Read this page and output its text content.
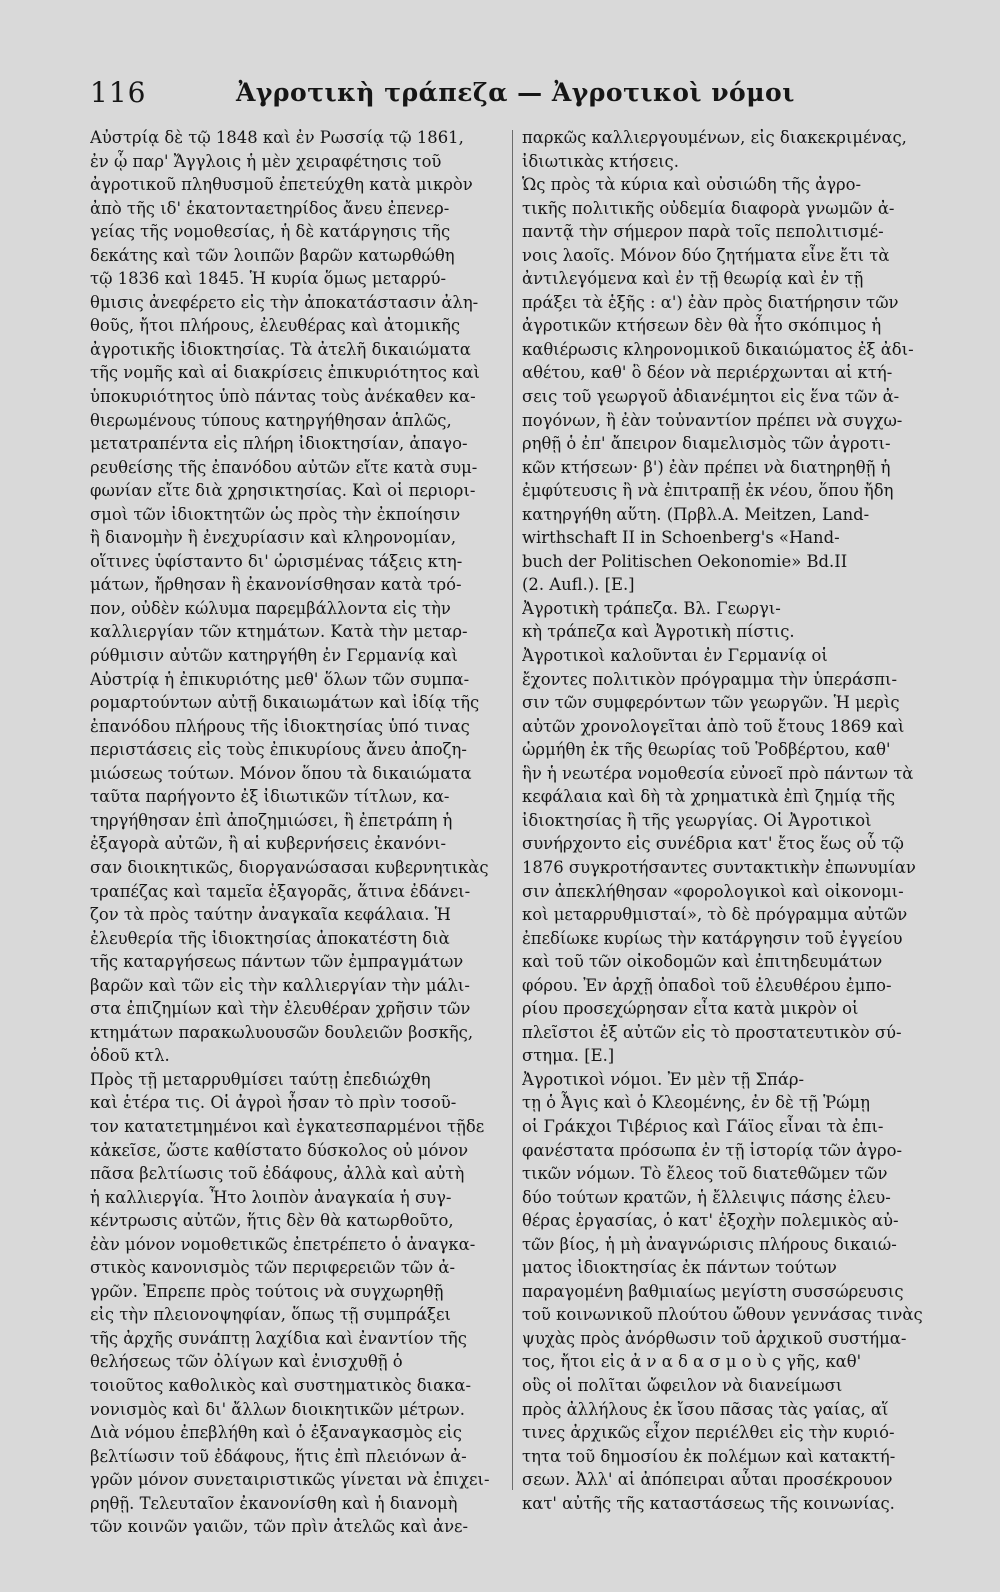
116	Ἀγροτικὴ τράπεζα — Ἀγροτικοὶ νόμοι
Αὐστρίᾳ δὲ τῷ 1848 καὶ ἐν Ρωσσίᾳ τῷ 1861,
ἐν ᾧ παρ' Ἄγγλοις ἡ μὲν χειραφέτησις τοῦ
ἀγροτικοῦ πληθυσμοῦ ἐπετεύχθη κατὰ μικρὸν
ἀπὸ τῆς ιδ' ἑκατονταετηρίδος ἄνευ ἐπενερ-
γείας τῆς νομοθεσίας, ἡ δὲ κατάργησις τῆς
δεκάτης καὶ τῶν λοιπῶν βαρῶν κατωρθώθη
τῷ 1836 καὶ 1845. Ἡ κυρία ὅμως μεταρρύ-
θμισις ἀνεφέρετο εἰς τὴν ἀποκατάστασιν ἀλη-
θοῦς, ἤτοι πλήρους, ἐλευθέρας καὶ ἀτομικῆς
ἀγροτικῆς ἰδιοκτησίας. Τὰ ἀτελῆ δικαιώματα
τῆς νομῆς καὶ αἱ διακρίσεις ἐπικυριότητος καὶ
ὑποκυριότητος ὑπὸ πάντας τοὺς ἀνέκαθεν κα-
θιερωμένους τύπους κατηργήθησαν ἁπλῶς,
μετατραπέντα εἰς πλήρη ἰδιοκτησίαν, ἀπαγο-
ρευθείσης τῆς ἐπανόδου αὐτῶν εἴτε κατὰ συμ-
φωνίαν εἴτε διὰ χρησικτησίας. Καὶ οἱ περιορι-
σμοὶ τῶν ἰδιοκτητῶν ὡς πρὸς τὴν ἐκποίησιν
ἢ διανομὴν ἢ ἐνεχυρίασιν καὶ κληρονομίαν,
οἵτινες ὑφίσταντο δι' ὡρισμένας τάξεις κτη-
μάτων, ἤρθησαν ἢ ἐκανονίσθησαν κατὰ τρό-
πον, οὐδὲν κώλυμα παρεμβάλλοντα εἰς τὴν
καλλιεργίαν τῶν κτημάτων. Κατὰ τὴν μεταρ-
ρύθμισιν αὐτῶν κατηργήθη ἐν Γερμανίᾳ καὶ
Αὐστρίᾳ ἡ ἐπικυριότης μεθ' ὅλων τῶν συμπα-
ρομαρτούντων αὐτῇ δικαιωμάτων καὶ ἰδίᾳ τῆς
ἐπανόδου πλήρους τῆς ἰδιοκτησίας ὑπό τινας
περιστάσεις εἰς τοὺς ἐπικυρίους ἄνευ ἀποζη-
μιώσεως τούτων. Μόνον ὅπου τὰ δικαιώματα
ταῦτα παρήγοντο ἐξ ἰδιωτικῶν τίτλων, κα-
τηργήθησαν ἐπὶ ἀποζημιώσει, ἢ ἐπετράπη ἡ
ἐξαγορὰ αὐτῶν, ἢ αἱ κυβερνήσεις ἐκανόνι-
σαν διοικητικῶς, διοργανώσασαι κυβερνητικὰς
τραπέζας καὶ ταμεῖα ἐξαγορᾶς, ἅτινα ἐδάνει-
ζον τὰ πρὸς ταύτην ἀναγκαῖα κεφάλαια. Ἡ
ἐλευθερία τῆς ἰδιοκτησίας ἀποκατέστη διὰ
τῆς καταργήσεως πάντων τῶν ἐμπραγμάτων
βαρῶν καὶ τῶν εἰς τὴν καλλιεργίαν τὴν μάλι-
στα ἐπιζημίων καὶ τὴν ἐλευθέραν χρῆσιν τῶν
κτημάτων παρακωλυουσῶν δουλειῶν βοσκῆς,
ὁδοῦ κτλ.
Πρὸς τῇ μεταρρυθμίσει ταύτῃ ἐπεδιώχθη
καὶ ἑτέρα τις. Οἱ ἀγροὶ ἦσαν τὸ πρὶν τοσοῦ-
τον κατατετμημένοι καὶ ἐγκατεσπαρμένοι τῇδε
κἀκεῖσε, ὥστε καθίστατο δύσκολος οὐ μόνον
πᾶσα βελτίωσις τοῦ ἐδάφους, ἀλλὰ καὶ αὐτὴ
ἡ καλλιεργία. Ἦτο λοιπὸν ἀναγκαία ἡ συγ-
κέντρωσις αὐτῶν, ἥτις δὲν θὰ κατωρθοῦτο,
ἐὰν μόνον νομοθετικῶς ἐπετρέπετο ὁ ἀναγκα-
στικὸς κανονισμὸς τῶν περιφερειῶν τῶν ἀ-
γρῶν. Ἐπρεπε πρὸς τούτοις νὰ συγχωρηθῇ
εἰς τὴν πλειονοψηφίαν, ὅπως τῇ συμπράξει
τῆς ἀρχῆς συνάπτῃ λαχίδια καὶ ἐναντίον τῆς
θελήσεως τῶν ὀλίγων καὶ ἐνισχυθῇ ὁ
τοιοῦτος καθολικὸς καὶ συστηματικὸς διακα-
νονισμὸς καὶ δι' ἄλλων διοικητικῶν μέτρων.
Διὰ νόμου ἐπεβλήθη καὶ ὁ ἐξαναγκασμὸς εἰς
βελτίωσιν τοῦ ἐδάφους, ἥτις ἐπὶ πλειόνων ἀ-
γρῶν μόνον συνεταιριστικῶς γίνεται νὰ ἐπιχει-
ρηθῇ. Τελευταῖον ἐκανονίσθη καὶ ἡ διανομὴ
τῶν κοινῶν γαιῶν, τῶν πρὶν ἀτελῶς καὶ ἀνε-
παρκῶς καλλιεργουμένων, εἰς διακεκριμένας,
ἰδιωτικὰς κτήσεις.
Ὡς πρὸς τὰ κύρια καὶ οὐσιώδη τῆς ἀγρο-
τικῆς πολιτικῆς οὐδεμία διαφορὰ γνωμῶν ἀ-
παντᾷ τὴν σήμερον παρὰ τοῖς πεπολιτισμέ-
νοις λαοῖς. Μόνον δύο ζητήματα εἶνε ἔτι τὰ
ἀντιλεγόμενα καὶ ἐν τῇ θεωρίᾳ καὶ ἐν τῇ
πράξει τὰ ἑξῆς : α') ἐὰν πρὸς διατήρησιν τῶν
ἀγροτικῶν κτήσεων δὲν θὰ ἦτο σκόπιμος ἡ
καθιέρωσις κληρονομικοῦ δικαιώματος ἐξ ἀδι-
αθέτου, καθ' ὃ δέον νὰ περιέρχωνται αἱ κτή-
σεις τοῦ γεωργοῦ ἀδιανέμητοι εἰς ἕνα τῶν ἀ-
πογόνων, ἢ ἐὰν τοὐναντίον πρέπει νὰ συγχω-
ρηθῇ ὁ ἐπ' ἄπειρον διαμελισμὸς τῶν ἀγροτι-
κῶν κτήσεων· β') ἐὰν πρέπει νὰ διατηρηθῇ ἡ
ἐμφύτευσις ἢ νὰ ἐπιτραπῇ ἐκ νέου, ὅπου ἤδη
κατηργήθη αὕτη. (Πρβλ.Α. Meitzen, Land-
wirthschaft II in Schoenberg's «Hand-
buch der Politischen Oekonomie» Bd.II
(2. Aufl.). [Ε.]
Ἀγροτικὴ τράπεζα. Βλ. Γεωργι-
κὴ τράπεζα καὶ Ἀγροτικὴ πίστις.
Ἀγροτικοὶ καλοῦνται ἐν Γερμανίᾳ οἱ
ἔχοντες πολιτικὸν πρόγραμμα τὴν ὑπεράσπι-
σιν τῶν συμφερόντων τῶν γεωργῶν. Ἡ μερὶς
αὐτῶν χρονολογεῖται ἀπὸ τοῦ ἔτους 1869 καὶ
ὡρμήθη ἐκ τῆς θεωρίας τοῦ Ῥοδβέρτου, καθ'
ἣν ἡ νεωτέρα νομοθεσία εὐνοεῖ πρὸ πάντων τὰ
κεφάλαια καὶ δὴ τὰ χρηματικὰ ἐπὶ ζημίᾳ τῆς
ἰδιοκτησίας ἢ τῆς γεωργίας. Οἱ Ἀγροτικοὶ
συνήρχοντο εἰς συνέδρια κατ' ἔτος ἕως οὗ τῷ
1876 συγκροτήσαντες συντακτικὴν ἐπωνυμίαν
σιν ἀπεκλήθησαν «φορολογικοὶ καὶ οἰκονομι-
κοὶ μεταρρυθμισταί», τὸ δὲ πρόγραμμα αὐτῶν
ἐπεδίωκε κυρίως τὴν κατάργησιν τοῦ ἐγγείου
καὶ τοῦ τῶν οἰκοδομῶν καὶ ἐπιτηδευμάτων
φόρου. Ἐν ἀρχῇ ὀπαδοὶ τοῦ ἐλευθέρου ἐμπο-
ρίου προσεχώρησαν εἶτα κατὰ μικρὸν οἱ
πλεῖστοι ἐξ αὐτῶν εἰς τὸ προστατευτικὸν σύ-
στημα. [Ε.]
Ἀγροτικοὶ νόμοι. Ἐν μὲν τῇ Σπάρ-
τῃ ὁ Ἆγις καὶ ὁ Κλεομένης, ἐν δὲ τῇ Ῥώμῃ
οἱ Γράκχοι Τιβέριος καὶ Γάϊος εἶναι τὰ ἐπι-
φανέστατα πρόσωπα ἐν τῇ ἱστορίᾳ τῶν ἀγρο-
τικῶν νόμων. Τὸ ἔλεος τοῦ διατεθῶμεν τῶν
δύο τούτων κρατῶν, ἡ ἔλλειψις πάσης ἐλευ-
θέρας ἐργασίας, ὁ κατ' ἐξοχὴν πολεμικὸς αὐ-
τῶν βίος, ἡ μὴ ἀναγνώρισις πλήρους δικαιώ-
ματος ἰδιοκτησίας ἐκ πάντων τούτων
παραγομένη βαθμιαίως μεγίστη συσσώρευσις
τοῦ κοινωνικοῦ πλούτου ὤθουν γεννάσας τινὰς
ψυχὰς πρὸς ἀνόρθωσιν τοῦ ἀρχικοῦ συστήμα-
τος, ἤτοι εἰς ἀ ν α δ α σ μ ο ὺ ς γῆς, καθ'
οὓς οἱ πολῖται ὤφειλον νὰ διανείμωσι
πρὸς ἀλλήλους ἐκ ἴσου πᾶσας τὰς γαίας, αἵ
τινες ἀρχικῶς εἶχον περιέλθει εἰς τὴν κυριό-
τητα τοῦ δημοσίου ἐκ πολέμων καὶ κατακτή-
σεων. Ἀλλ' αἱ ἀπόπειραι αὗται προσέκρουον
κατ' αὐτῆς τῆς καταστάσεως τῆς κοινωνίας.
